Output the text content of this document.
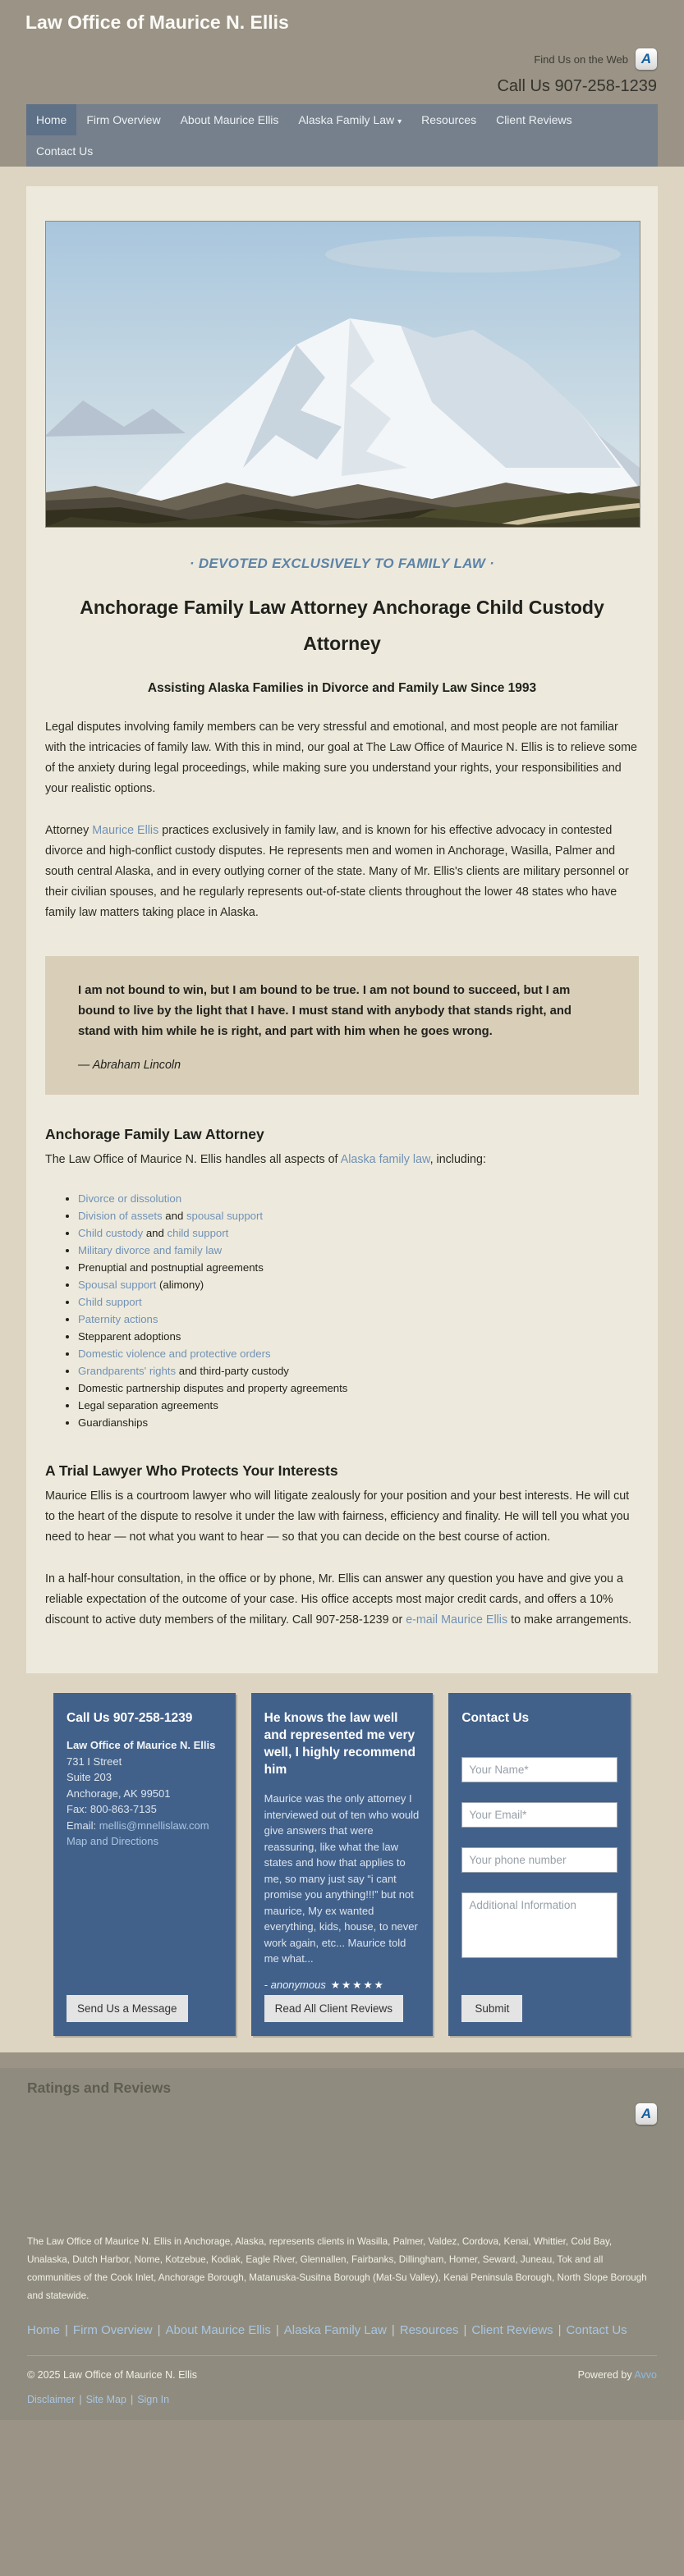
Law Office of Maurice N. Ellis
Find Us on the Web A
Call Us 907-258-1239
Home	Firm Overview	About Maurice Ellis	Alaska Family Law ▾	Resources	Client Reviews
Contact Us
· DEVOTED EXCLUSIVELY TO FAMILY LAW ·
Anchorage Family Law Attorney Anchorage Child Custody Attorney
Assisting Alaska Families in Divorce and Family Law Since 1993

Legal disputes involving family members can be very stressful and emotional, and most people are not familiar with the intricacies of family law. With this in mind, our goal at The Law Office of Maurice N. Ellis is to relieve some of the anxiety during legal proceedings, while making sure you understand your rights, your responsibilities and your realistic options.

Attorney Maurice Ellis practices exclusively in family law, and is known for his effective advocacy in contested divorce and high-conflict custody disputes. He represents men and women in Anchorage, Wasilla, Palmer and south central Alaska, and in every outlying corner of the state. Many of Mr. Ellis's clients are military personnel or their civilian spouses, and he regularly represents out-of-state clients throughout the lower 48 states who have family law matters taking place in Alaska.

I am not bound to win, but I am bound to be true. I am not bound to succeed, but I am bound to live by the light that I have. I must stand with anybody that stands right, and stand with him while he is right, and part with him when he goes wrong.
— Abraham Lincoln
Anchorage Family Law Attorney

The Law Office of Maurice N. Ellis handles all aspects of Alaska family law, including:

• Divorce or dissolution
• Division of assets and spousal support
• Child custody and child support
• Military divorce and family law
• Prenuptial and postnuptial agreements
• Spousal support (alimony)
• Child support
• Paternity actions
• Stepparent adoptions
• Domestic violence and protective orders
• Grandparents' rights and third-party custody
• Domestic partnership disputes and property agreements
• Legal separation agreements
• Guardianships
A Trial Lawyer Who Protects Your Interests

Maurice Ellis is a courtroom lawyer who will litigate zealously for your position and your best interests. He will cut to the heart of the dispute to resolve it under the law with fairness, efficiency and finality. He will tell you what you need to hear — not what you want to hear — so that you can decide on the best course of action.

In a half-hour consultation, in the office or by phone, Mr. Ellis can answer any question you have and give you a reliable expectation of the outcome of your case. His office accepts most major credit cards, and offers a 10% discount to active duty members of the military. Call 907-258-1239 or e-mail Maurice Ellis to make arrangements.

Call Us 907-258-1239
Law Office of Maurice N. Ellis
731 I Street
Suite 203
Anchorage, AK 99501
Fax: 800-863-7135
Email: mellis@mnellislaw.com
Map and Directions
Send Us a Message
He knows the law well and represented me very well, I highly recommend him
Maurice was the only attorney I interviewed out of ten who would give answers that were reassuring, like what the law states and how that applies to me, so many just say “i cant promise you anything!!!” but not maurice, My ex wanted everything, kids, house, to never work again, etc... Maurice told me what...
- anonymous ★★★★★
Read All Client Reviews
Contact Us
Your Name*
Your Email*
Your phone number
Additional Information
Submit
Ratings and Reviews
A

The Law Office of Maurice N. Ellis in Anchorage, Alaska, represents clients in Wasilla, Palmer, Valdez, Cordova, Kenai, Whittier, Cold Bay, Unalaska, Dutch Harbor, Nome, Kotzebue, Kodiak, Eagle River, Glennallen, Fairbanks, Dillingham, Homer, Seward, Juneau, Tok and all communities of the Cook Inlet, Anchorage Borough, Matanuska-Susitna Borough (Mat-Su Valley), Kenai Peninsula Borough, North Slope Borough and statewide.

Home | Firm Overview | About Maurice Ellis | Alaska Family Law | Resources | Client Reviews | Contact Us
© 2025 Law Office of Maurice N. Ellis	Powered by Avvo
Disclaimer | Site Map | Sign In
